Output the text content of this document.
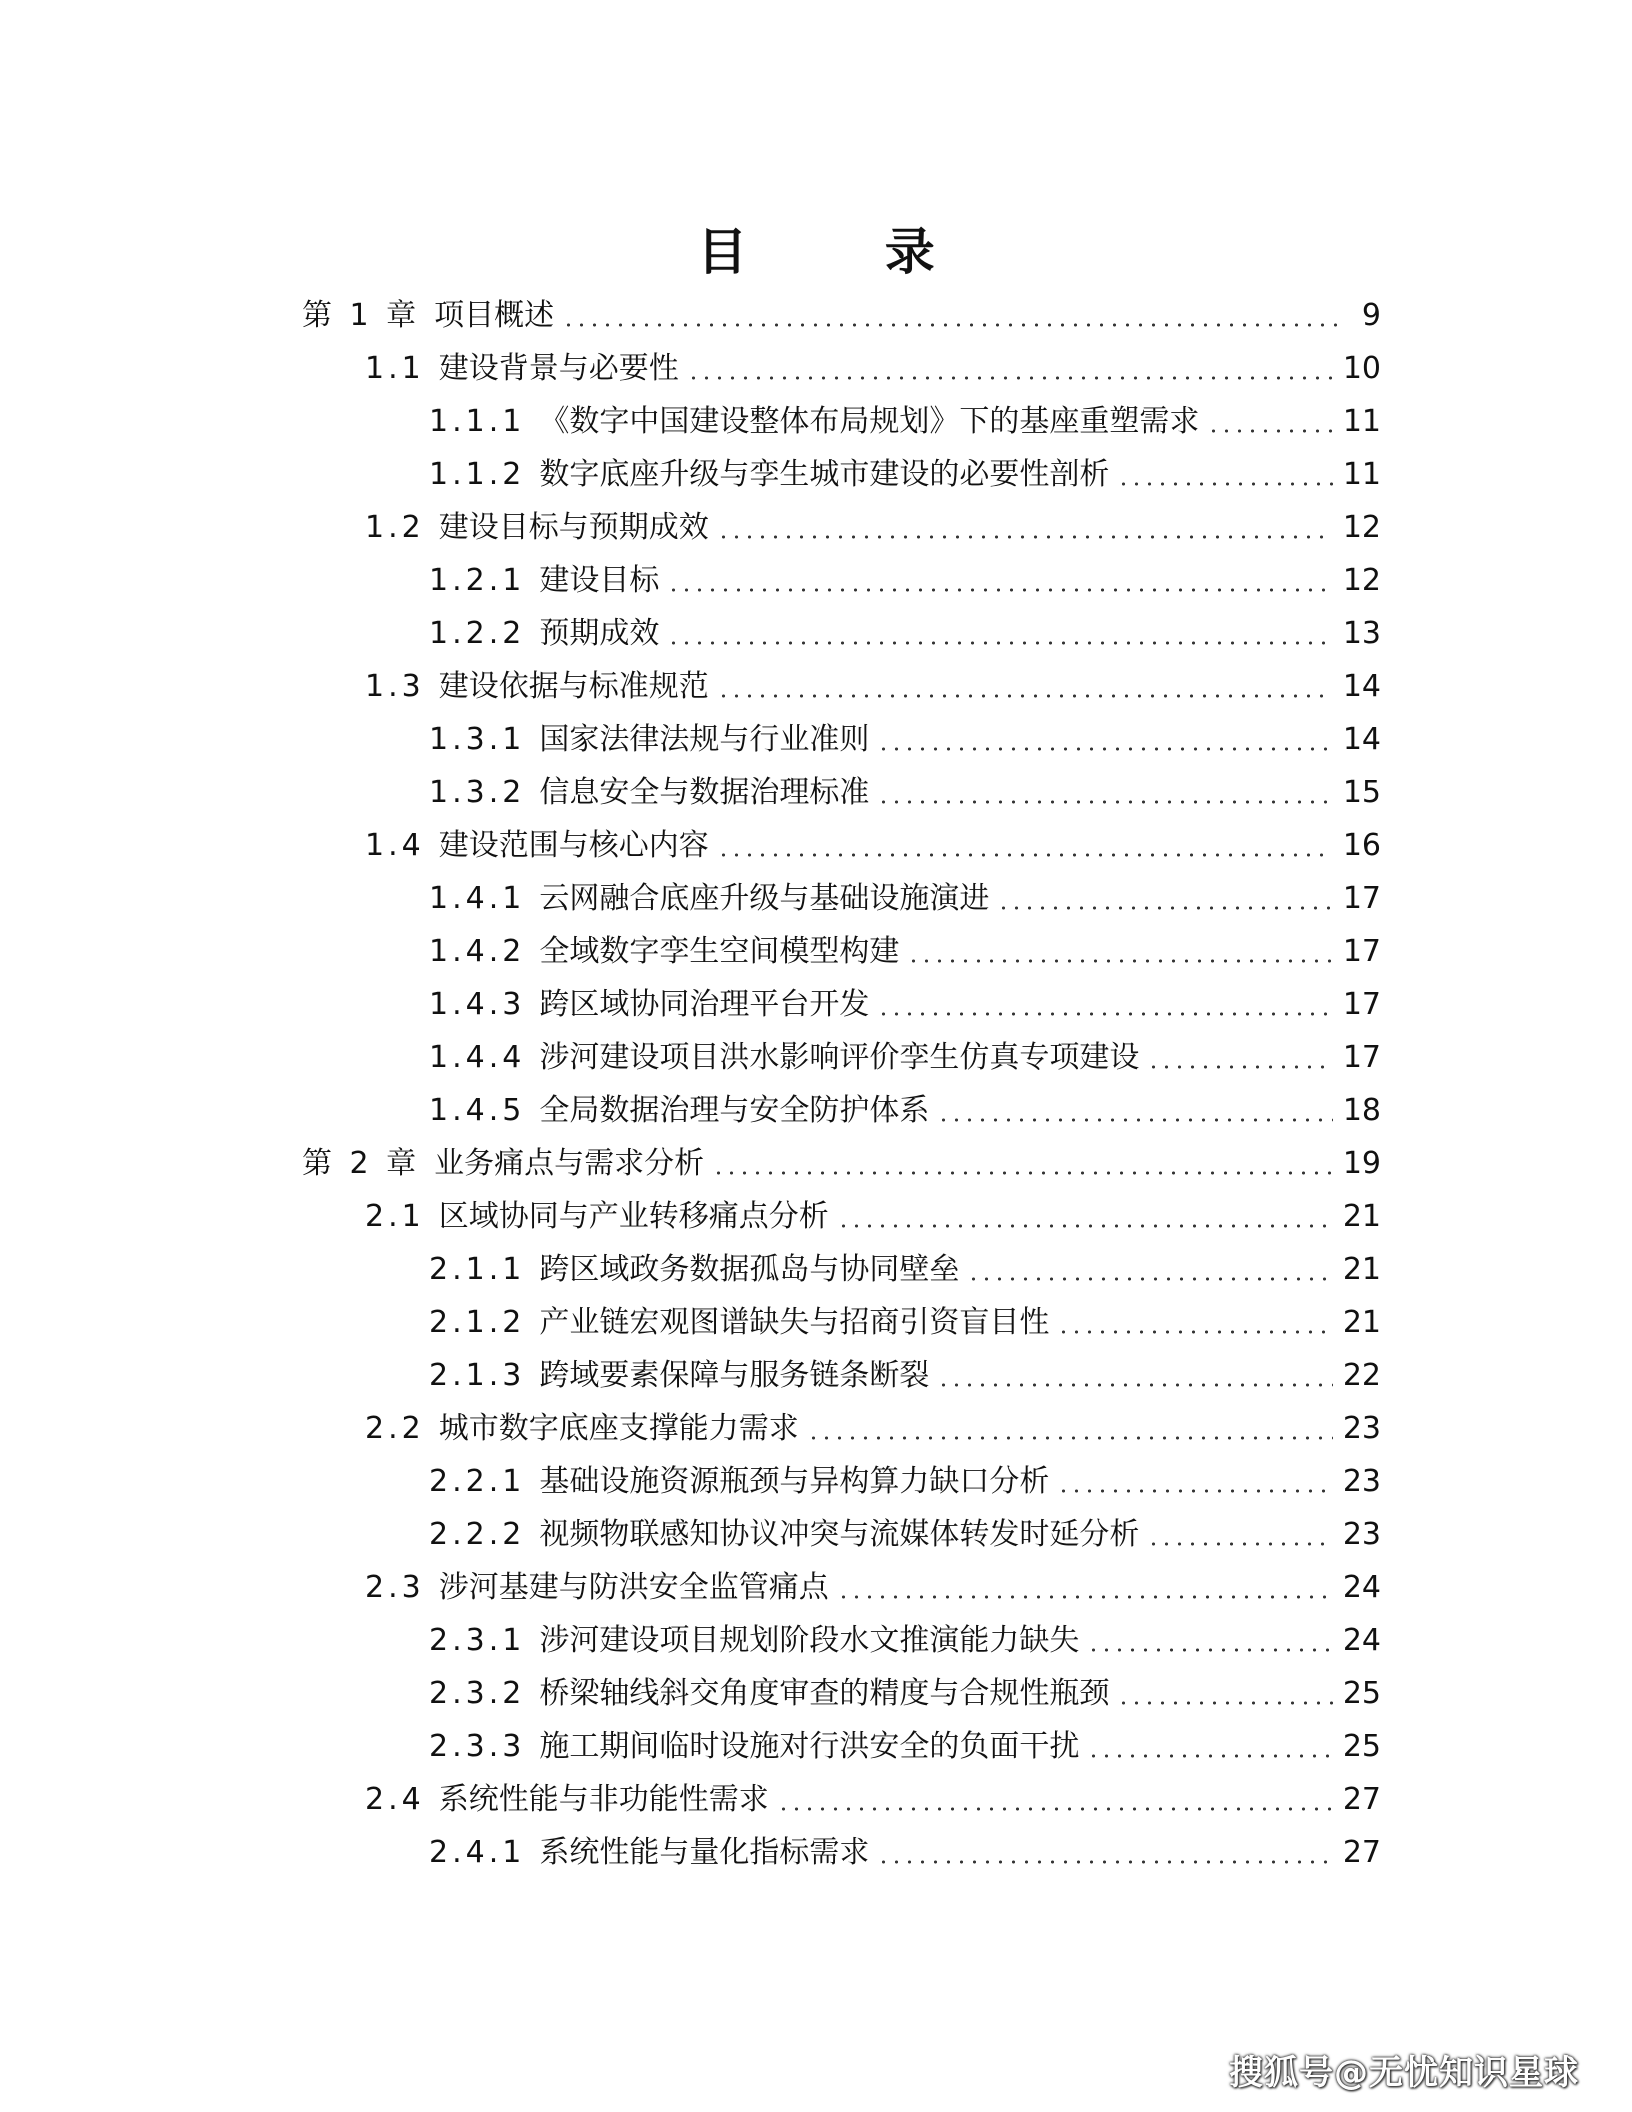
目 录
第 1 章 项目概述	9
1.1 建设背景与必要性	10
1.1.1 《数字中国建设整体布局规划》下的基座重塑需求	11
1.1.2 数字底座升级与孪生城市建设的必要性剖析	11
1.2 建设目标与预期成效	12
1.2.1 建设目标	12
1.2.2 预期成效	13
1.3 建设依据与标准规范	14
1.3.1 国家法律法规与行业准则	14
1.3.2 信息安全与数据治理标准	15
1.4 建设范围与核心内容	16
1.4.1 云网融合底座升级与基础设施演进	17
1.4.2 全域数字孪生空间模型构建	17
1.4.3 跨区域协同治理平台开发	17
1.4.4 涉河建设项目洪水影响评价孪生仿真专项建设	17
1.4.5 全局数据治理与安全防护体系	18
第 2 章 业务痛点与需求分析	19
2.1 区域协同与产业转移痛点分析	21
2.1.1 跨区域政务数据孤岛与协同壁垒	21
2.1.2 产业链宏观图谱缺失与招商引资盲目性	21
2.1.3 跨域要素保障与服务链条断裂	22
2.2 城市数字底座支撑能力需求	23
2.2.1 基础设施资源瓶颈与异构算力缺口分析	23
2.2.2 视频物联感知协议冲突与流媒体转发时延分析	23
2.3 涉河基建与防洪安全监管痛点	24
2.3.1 涉河建设项目规划阶段水文推演能力缺失	24
2.3.2 桥梁轴线斜交角度审查的精度与合规性瓶颈	25
2.3.3 施工期间临时设施对行洪安全的负面干扰	25
2.4 系统性能与非功能性需求	27
2.4.1 系统性能与量化指标需求	27
搜狐号@无忧知识星球
